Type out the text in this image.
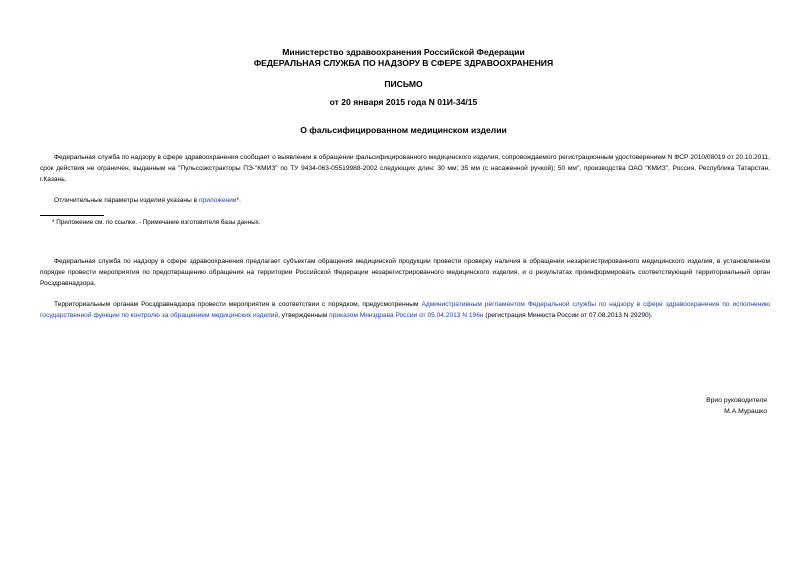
Министерство здравоохранения Российской Федерации
ФЕДЕРАЛЬНАЯ СЛУЖБА ПО НАДЗОРУ В СФЕРЕ ЗДРАВООХРАНЕНИЯ
ПИСЬМО
от 20 января 2015 года N 01И-34/15
О фальсифицированном медицинском изделии
Федеральная служба по надзору в сфере здравоохранения сообщает о выявлении в обращении фальсифицированного медицинского изделия, сопровождаемого регистрационным удостоверением N ФСР 2010/08019 от 20.10.2011, срок действия не ограничен, выданным на "Пульсоэкстракторы ПЭ-"КМИЗ" по ТУ 9434-063-05519988-2002 следующих длин: 30 мм; 35 мм (с насаженной ручкой); 50 мм", производства ОАО "КМИЗ", Россия, Республика Татарстан, г.Казань.
Отличительные параметры изделия указаны в приложении*.
* Приложение см. по ссылке. - Примечание изготовителя базы данных.
Федеральная служба по надзору в сфере здравоохранения предлагает субъектам обращения медицинской продукции провести проверку наличия в обращении незарегистрированного медицинского изделия, в установленном порядке провести мероприятия по предотвращению обращения на территории Российской Федерации незарегистрированного медицинского изделия, и о результатах проинформировать соответствующий территориальный орган Росздравнадзора.
Территориальным органам Росздравнадзора провести мероприятия в соответствии с порядком, предусмотренным Административным регламентом Федеральной службы по надзору в сфере здравоохранения по исполнению государственной функции по контролю за обращением медицинских изделий, утвержденным приказом Минздрава России от 05.04.2013 N 196н (регистрация Минюста России от 07.08.2013 N 29290).
Врио руководителя
М.А.Мурашко
